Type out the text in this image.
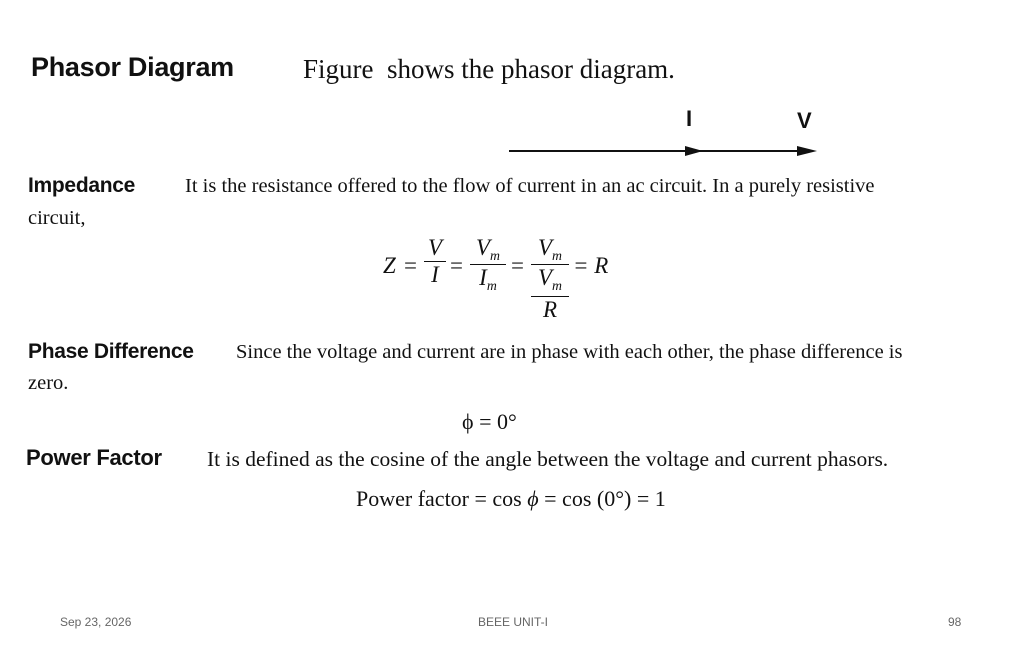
Phasor Diagram	Figure  shows the phasor diagram.
I	V
Impedance It is the resistance offered to the flow of current in an ac circuit. In a purely resistive
circuit,
Z =
V
I =
$V_m$
$I_m$
=
$V_m$
$V_m$
R
= R
Phase Difference Since the voltage and current are in phase with each other, the phase difference is
zero.
ϕ = 0°
Power Factor It is defined as the cosine of the angle between the voltage and current phasors.
Power factor = cos ϕ = cos (0°) = 1
Sep 23, 2026	BEEE UNIT-I	98
